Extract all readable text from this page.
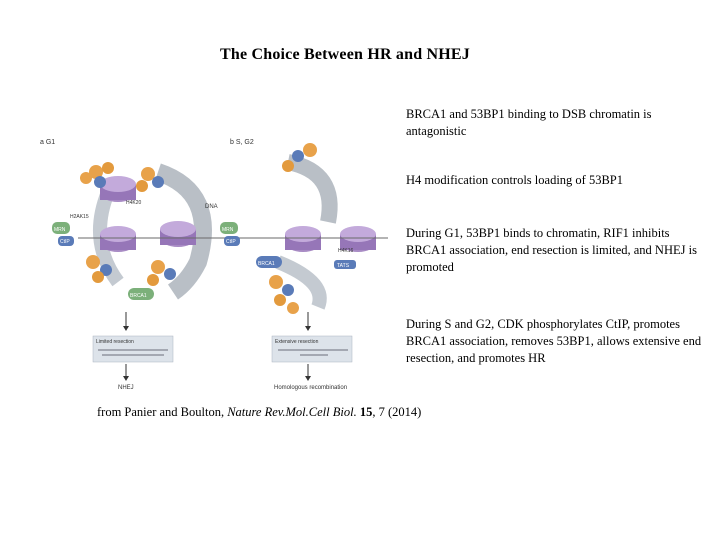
The Choice Between HR and NHEJ
a G1	b S, G2
DNA
MRN
CtIP
MRN
CtIP
BRCA1
BRCA1
H2AK15
H4K20
H4K16
TATS
Limited resection	Extensive resection
NHEJ	Homologous recombination
BRCA1 and 53BP1 binding to DSB chromatin is antagonistic
H4 modification controls loading of 53BP1
During G1, 53BP1 binds to chromatin, RIF1 inhibits BRCA1 association, end resection is limited, and NHEJ is promoted
During S and G2, CDK phosphorylates CtIP, promotes BRCA1 association, removes 53BP1, allows extensive end resection, and promotes HR
from Panier and Boulton, Nature Rev.Mol.Cell Biol. 15, 7 (2014)
